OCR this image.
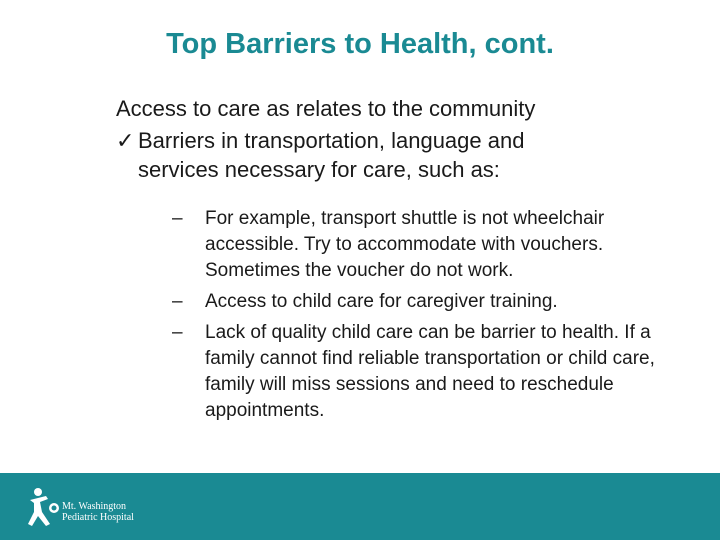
Top Barriers to Health, cont.

Access to care as relates to the community

✓ Barriers in transportation, language and services necessary for care, such as:
–	For example, transport shuttle is not wheelchair accessible. Try to accommodate with vouchers. Sometimes the voucher do not work.
–	Access to child care for caregiver training.
–	Lack of quality child care can be barrier to health. If a family cannot find reliable transportation or child care, family will miss sessions and need to reschedule appointments.
Mt. Washington
Pediatric Hospital
